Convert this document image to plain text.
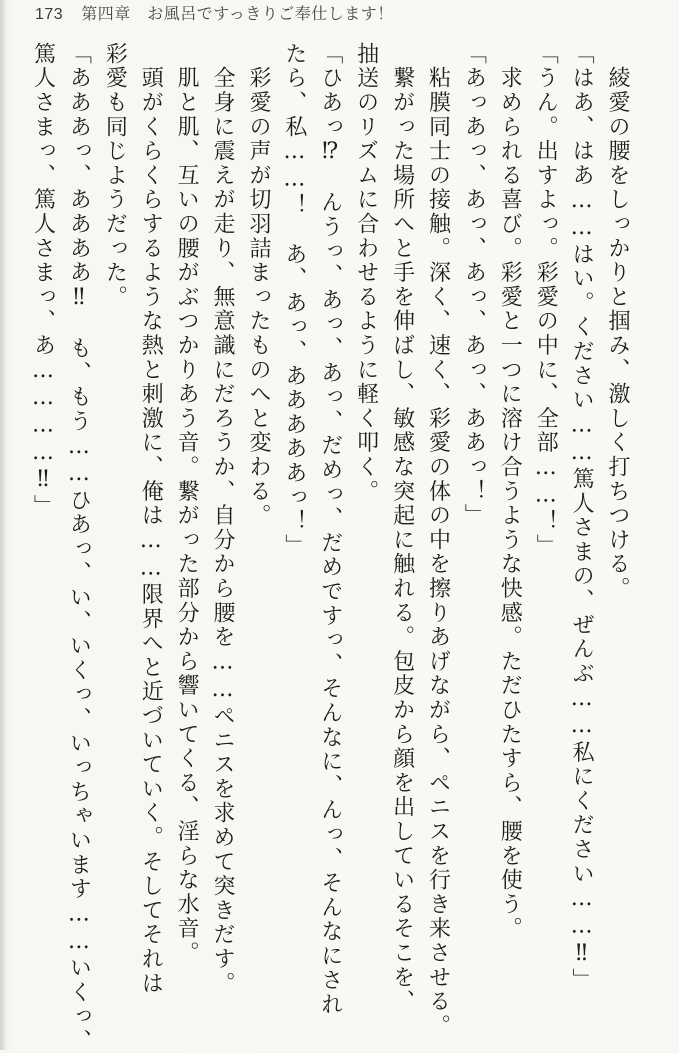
173 第四章　お風呂ですっきりご奉仕します！
　綾愛の腰をしっかりと掴み、激しく打ちつける。
「はあ、はあ……はい。ください……篤人さまの、ぜんぶ……私にください……‼」
「うん。出すよっ。彩愛の中に、全部……！」
　求められる喜び。彩愛と一つに溶け合うような快感。ただひたすら、腰を使う。
「あっあっ、あっ、あっ、あっ、ああっ！」
　粘膜同士の接触。深く、速く、彩愛の体の中を擦りあげながら、ペニスを行き来させる。
　繋がった場所へと手を伸ばし、敏感な突起に触れる。包皮から顔を出しているそこを、
抽送のリズムに合わせるように軽く叩く。
「ひあっ⁉　んうっ、あっ、あっ、だめっ、だめですっ、そんなに、んっ、そんなにされ
たら、私……！　あ、あっ、あああああっ！」
　彩愛の声が切羽詰まったものへと変わる。
　全身に震えが走り、無意識にだろうか、自分から腰を……ペニスを求めて突きだす。
　肌と肌、互いの腰がぶつかりあう音。繋がった部分から響いてくる、淫らな水音。
　頭がくらくらするような熱と刺激に、俺は……限界へと近づいていく。そしてそれは
彩愛も同じようだった。
「あああっ、ああああ‼　も、もう……ひあっ、い、いくっ、いっちゃいます……いくっ、
篤人さまっ、篤人さまっ、あ…………‼」
